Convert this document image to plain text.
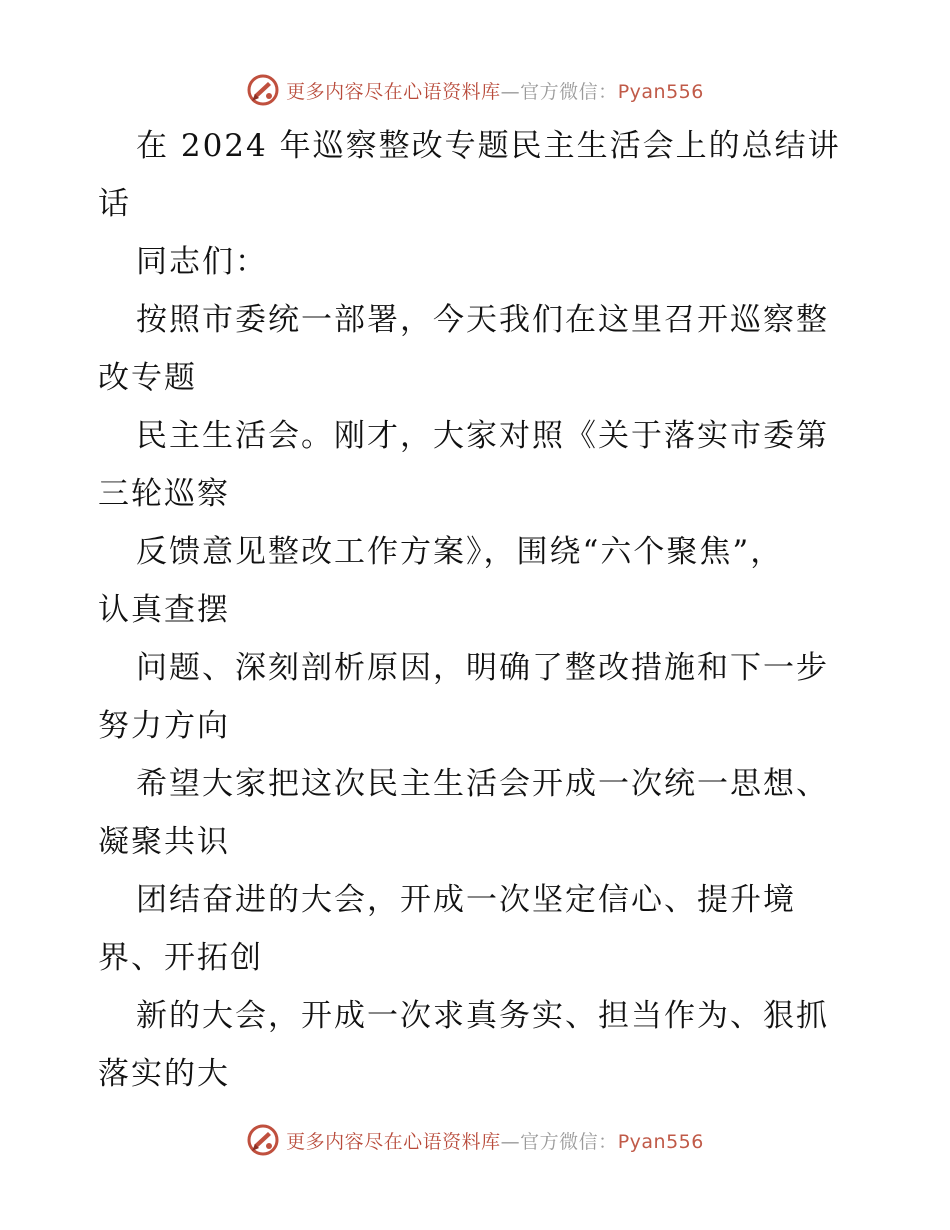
更多内容尽在心语资料库—官方微信：Pyan556
在 2024 年巡察整改专题民主生活会上的总结讲
话
同志们：
按照市委统一部署，今天我们在这里召开巡察整
改专题
民主生活会。刚才，大家对照《关于落实市委第
三轮巡察
反馈意见整改工作方案》，围绕“六个聚焦”，
认真查摆
问题、深刻剖析原因，明确了整改措施和下一步
努力方向
希望大家把这次民主生活会开成一次统一思想、
凝聚共识
团结奋进的大会，开成一次坚定信心、提升境
界、开拓创
新的大会，开成一次求真务实、担当作为、狠抓
落实的大
更多内容尽在心语资料库—官方微信：Pyan556
